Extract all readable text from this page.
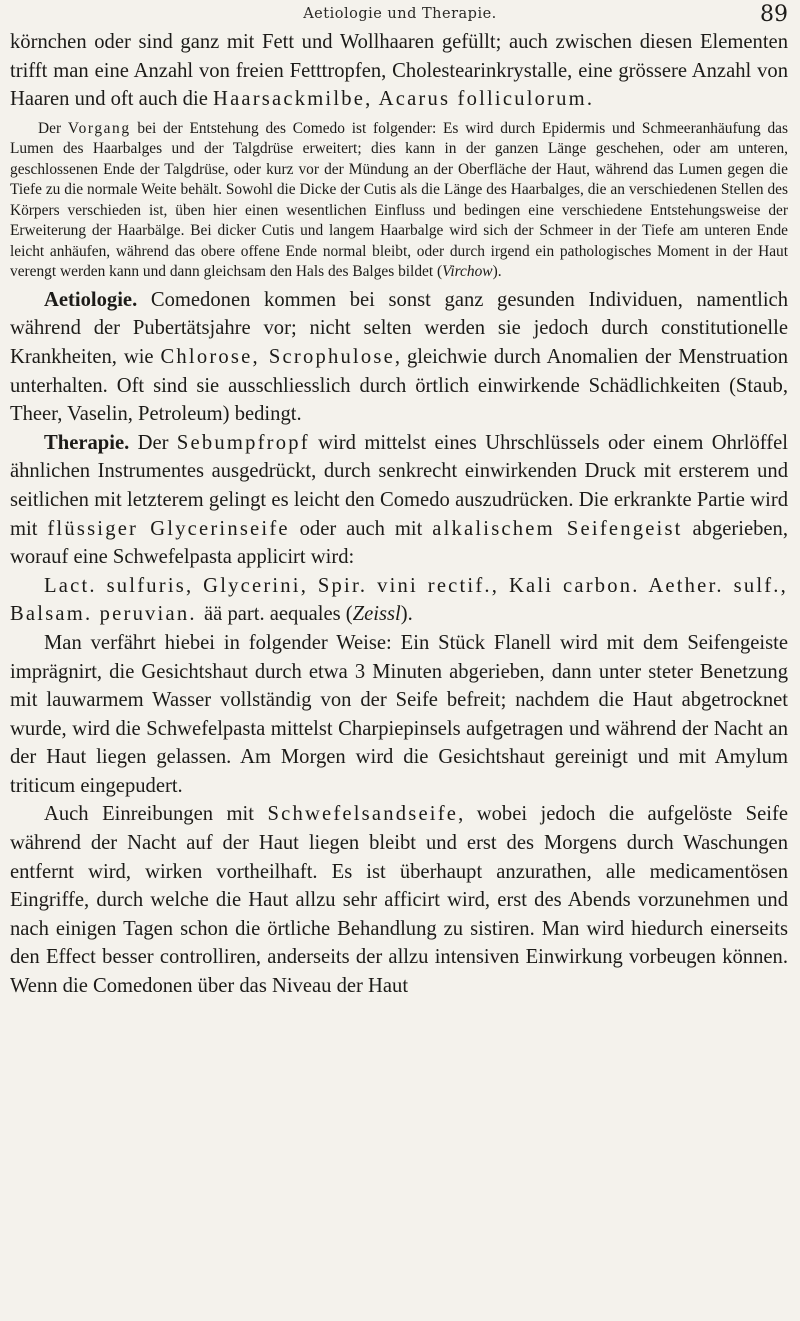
Aetiologie und Therapie.	89

körnchen oder sind ganz mit Fett und Wollhaaren gefüllt; auch zwischen diesen Elementen trifft man eine Anzahl von freien Fetttropfen, Cholestearinkrystalle, eine grössere Anzahl von Haaren und oft auch die Haarsackmilbe, Acarus folliculorum.

Der Vorgang bei der Entstehung des Comedo ist folgender: Es wird durch Epidermis und Schmeeranhäufung das Lumen des Haarbalges und der Talgdrüse erweitert; dies kann in der ganzen Länge geschehen, oder am unteren, geschlossenen Ende der Talgdrüse, oder kurz vor der Mündung an der Oberfläche der Haut, während das Lumen gegen die Tiefe zu die normale Weite behält. Sowohl die Dicke der Cutis als die Länge des Haarbalges, die an verschiedenen Stellen des Körpers verschieden ist, üben hier einen wesentlichen Einfluss und bedingen eine verschiedene Entstehungsweise der Erweiterung der Haarbälge. Bei dicker Cutis und langem Haarbalge wird sich der Schmeer in der Tiefe am unteren Ende leicht anhäufen, während das obere offene Ende normal bleibt, oder durch irgend ein pathologisches Moment in der Haut verengt werden kann und dann gleichsam den Hals des Balges bildet (Virchow).

Aetiologie. Comedonen kommen bei sonst ganz gesunden Individuen, namentlich während der Pubertätsjahre vor; nicht selten werden sie jedoch durch constitutionelle Krankheiten, wie Chlorose, Scrophulose, gleichwie durch Anomalien der Menstruation unterhalten. Oft sind sie ausschliesslich durch örtlich einwirkende Schädlichkeiten (Staub, Theer, Vaselin, Petroleum) bedingt.

Therapie. Der Sebumpfropf wird mittelst eines Uhrschlüssels oder einem Ohrlöffel ähnlichen Instrumentes ausgedrückt, durch senkrecht einwirkenden Druck mit ersterem und seitlichen mit letzterem gelingt es leicht den Comedo auszudrücken. Die erkrankte Partie wird mit flüssiger Glycerinseife oder auch mit alkalischem Seifengeist abgerieben, worauf eine Schwefelpasta applicirt wird:

Lact. sulfuris, Glycerini, Spir. vini rectif., Kali carbon. Aether. sulf., Balsam. peruvian. ää part. aequales (Zeissl).

Man verfährt hiebei in folgender Weise: Ein Stück Flanell wird mit dem Seifengeiste imprägnirt, die Gesichtshaut durch etwa 3 Minuten abgerieben, dann unter steter Benetzung mit lauwarmem Wasser vollständig von der Seife befreit; nachdem die Haut abgetrocknet wurde, wird die Schwefelpasta mittelst Charpiepinsels aufgetragen und während der Nacht an der Haut liegen gelassen. Am Morgen wird die Gesichtshaut gereinigt und mit Amylum triticum eingepudert.

Auch Einreibungen mit Schwefelsandseife, wobei jedoch die aufgelöste Seife während der Nacht auf der Haut liegen bleibt und erst des Morgens durch Waschungen entfernt wird, wirken vortheilhaft. Es ist überhaupt anzurathen, alle medicamentösen Eingriffe, durch welche die Haut allzu sehr afficirt wird, erst des Abends vorzunehmen und nach einigen Tagen schon die örtliche Behandlung zu sistiren. Man wird hiedurch einerseits den Effect besser controlliren, anderseits der allzu intensiven Einwirkung vorbeugen können. Wenn die Comedonen über das Niveau der Haut
